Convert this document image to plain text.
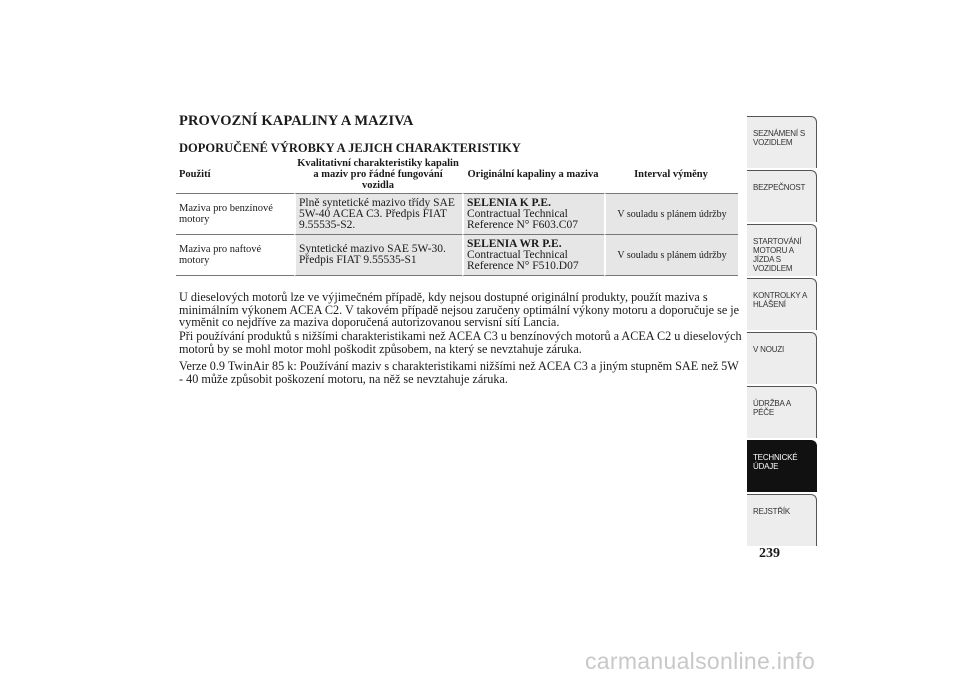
PROVOZNÍ KAPALINY A MAZIVA
DOPORUČENÉ VÝROBKY A JEJICH CHARAKTERISTIKY
Použití	Kvalitativní charakteristiky kapalin a maziv pro řádné fungování vozidla	Originální kapaliny a maziva	Interval výměny
Maziva pro benzínové motory	Plně syntetické mazivo třídy SAE 5W-40 ACEA C3. Předpis FIAT 9.55535-S2.	SELENIA K P.E.
Contractual Technical Reference N° F603.C07	V souladu s plánem údržby
Maziva pro naftové motory	Syntetické mazivo SAE 5W-30. Předpis FIAT 9.55535-S1	SELENIA WR P.E.
Contractual Technical Reference N° F510.D07	V souladu s plánem údržby

U dieselových motorů lze ve výjimečném případě, kdy nejsou dostupné originální produkty, použít maziva s minimálním výkonem ACEA C2. V takovém případě nejsou zaručeny optimální výkony motoru a doporučuje se je vyměnit co nejdříve za maziva doporučená autorizovanou servisní sítí Lancia.

Při používání produktů s nižšími charakteristikami než ACEA C3 u benzínových motorů a ACEA C2 u dieselových motorů by se mohl motor mohl poškodit způsobem, na který se nevztahuje záruka.

Verze 0.9 TwinAir 85 k: Používání maziv s charakteristikami nižšími než ACEA C3 a jiným stupněm SAE než 5W - 40 může způsobit poškození motoru, na něž se nevztahuje záruka.

SEZNÁMENÍ S VOZIDLEM
BEZPEČNOST
STARTOVÁNÍ MOTORU A JÍZDA S VOZIDLEM
KONTROLKY A HLÁŠENÍ
V NOUZI
ÚDRŽBA A PÉČE
TECHNICKÉ ÚDAJE
REJSTŘÍK
239
carmanualsonline.info
